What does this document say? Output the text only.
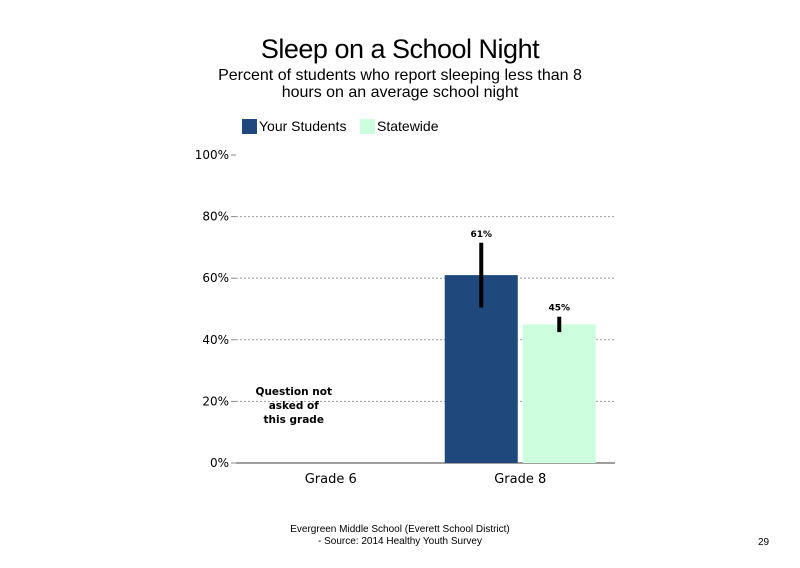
Sleep on a School Night
Percent of students who report sleeping less than 8 hours on an average school night
Your Students	Statewide
0%
20%
40%
60%
80%
100%
Grade 6	Grade 8
61%
45%
Question not
asked of
this grade
Evergreen Middle School (Everett School District)
- Source: 2014 Healthy Youth Survey	29
